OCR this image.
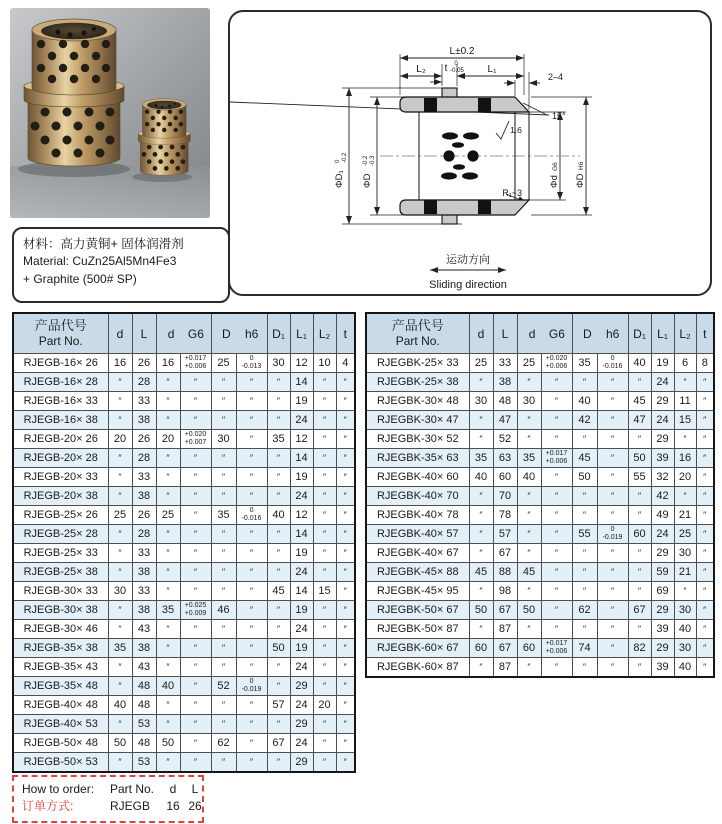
材料：高力黄铜+ 固体润滑剂
Material: CuZn25Al5Mn4Fe3
+ Graphite (500# SP)
L±0.2
L₂ t 0
-0.05 L₁
2–4
15°
1.6
R₁~3
ΦD₁
0 -0.2
ΦD
-0.2 -0.3
Φd
G6
ΦD
H6
运动方向
Sliding direction
产品代号
Part No.	d	L	d G6		D h6		D₁	L₁	L₂	t
RJEGB-16× 26	16	26	16	+0.017
+0.006	25	0
-0.013	30	12	10	4
RJEGB-16× 28	″	28	″	″	″	″	″	14	″	″
RJEGB-16× 33	″	33	″	″	″	″	″	19	″	″
RJEGB-16× 38	″	38	″	″	″	″	″	24	″	″
RJEGB-20× 26	20	26	20	+0.020
+0.007	30	″	35	12	″	″
RJEGB-20× 28	″	28	″	″	″	″	″	14	″	″
RJEGB-20× 33	″	33	″	″	″	″	″	19	″	″
RJEGB-20× 38	″	38	″	″	″	″	″	24	″	″
RJEGB-25× 26	25	26	25	″	35	0
-0.016	40	12	″	″
RJEGB-25× 28	″	28	″	″	″	″	″	14	″	″
RJEGB-25× 33	″	33	″	″	″	″	″	19	″	″
RJEGB-25× 38	″	38	″	″	″	″	″	24	″	″
RJEGB-30× 33	30	33	″	″	″	″	45	14	15	″
RJEGB-30× 38	″	38	35	+0.025
+0.009	46	″	″	19	″	″
RJEGB-30× 46	″	43	″	″	″	″	″	24	″	″
RJEGB-35× 38	35	38	″	″	″	″	50	19	″	″
RJEGB-35× 43	″	43	″	″	″	″	″	24	″	″
RJEGB-35× 48	″	48	40	″	52	0
-0.019	″	29	″	″
RJEGB-40× 48	40	48	″	″	″	″	57	24	20	″
RJEGB-40× 53	″	53	″	″	″	″	″	29	″	″
RJEGB-50× 48	50	48	50	″	62	″	67	24	″	″
RJEGB-50× 53	″	53	″	″	″	″	″	29	″	″
产品代号
Part No.	d	L	d G6		D h6		D₁	L₁	L₂	t
RJEGBK-25× 33	25	33	25	+0.020
+0.006	35	0
-0.016	40	19	6	8
RJEGBK-25× 38	″	38	″	″	″	″	″	24	″	″
RJEGBK-30× 48	30	48	30	″	40	″	45	29	11	″
RJEGBK-30× 47	″	47	″	″	42	″	47	24	15	″
RJEGBK-30× 52	″	52	″	″	″	″	″	29	″	″
RJEGBK-35× 63	35	63	35	+0.017
+0.006	45	″	50	39	16	″
RJEGBK-40× 60	40	60	40	″	50	″	55	32	20	″
RJEGBK-40× 70	″	70	″	″	″	″	″	42	″	″
RJEGBK-40× 78	″	78	″	″	″	″	″	49	21	″
RJEGBK-40× 57	″	57	″	″	55	0
-0.019	60	24	25	″
RJEGBK-40× 67	″	67	″	″	″	″	″	29	30	″
RJEGBK-45× 88	45	88	45	″	″	″	″	59	21	″
RJEGBK-45× 95	″	98	″	″	″	″	″	69	″	″
RJEGBK-50× 67	50	67	50	″	62	″	67	29	30	″
RJEGBK-50× 87	″	87	″	″	″	″	″	39	40	″
RJEGBK-60× 67	60	67	60	+0.017
+0.006	74	″	82	29	30	″
RJEGBK-60× 87	″	87	″	″	″	″	″	39	40	″
How to order:	Part No.	d	L
订单方式:	RJEGB	16 26
